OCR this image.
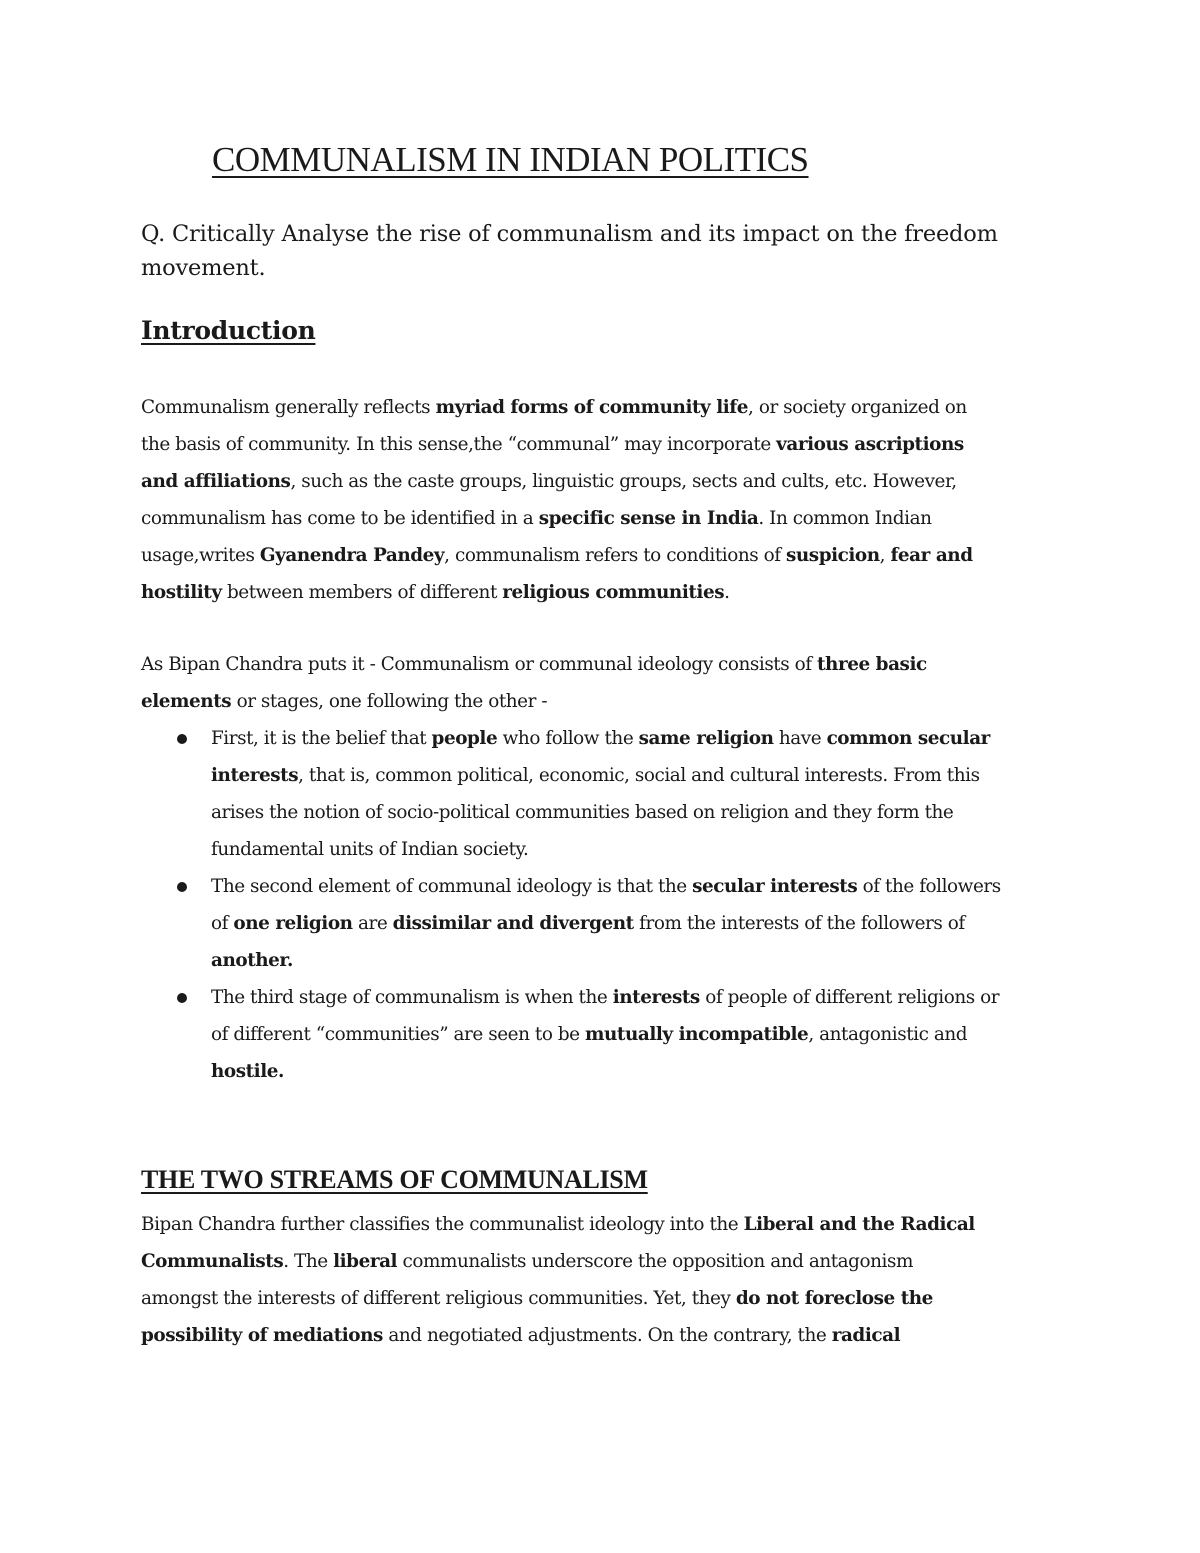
COMMUNALISM IN INDIAN POLITICS

Q. Critically Analyse the rise of communalism and its impact on the freedom movement.

Introduction

Communalism generally reflects myriad forms of community life, or society organized on
the basis of community. In this sense,the “communal” may incorporate various ascriptions
and affiliations, such as the caste groups, linguistic groups, sects and cults, etc. However,
communalism has come to be identified in a specific sense in India. In common Indian
usage,writes Gyanendra Pandey, communalism refers to conditions of suspicion, fear and
hostility between members of different religious communities.

As Bipan Chandra puts it - Communalism or communal ideology consists of three basic
elements or stages, one following the other -

First, it is the belief that people who follow the same religion have common secular
interests, that is, common political, economic, social and cultural interests. From this
arises the notion of socio-political communities based on religion and they form the
fundamental units of Indian society.
The second element of communal ideology is that the secular interests of the followers
of one religion are dissimilar and divergent from the interests of the followers of
another.
The third stage of communalism is when the interests of people of different religions or
of different “communities” are seen to be mutually incompatible, antagonistic and
hostile.
THE TWO STREAMS OF COMMUNALISM

Bipan Chandra further classifies the communalist ideology into the Liberal and the Radical
Communalists. The liberal communalists underscore the opposition and antagonism
amongst the interests of different religious communities. Yet, they do not foreclose the
possibility of mediations and negotiated adjustments. On the contrary, the radical
